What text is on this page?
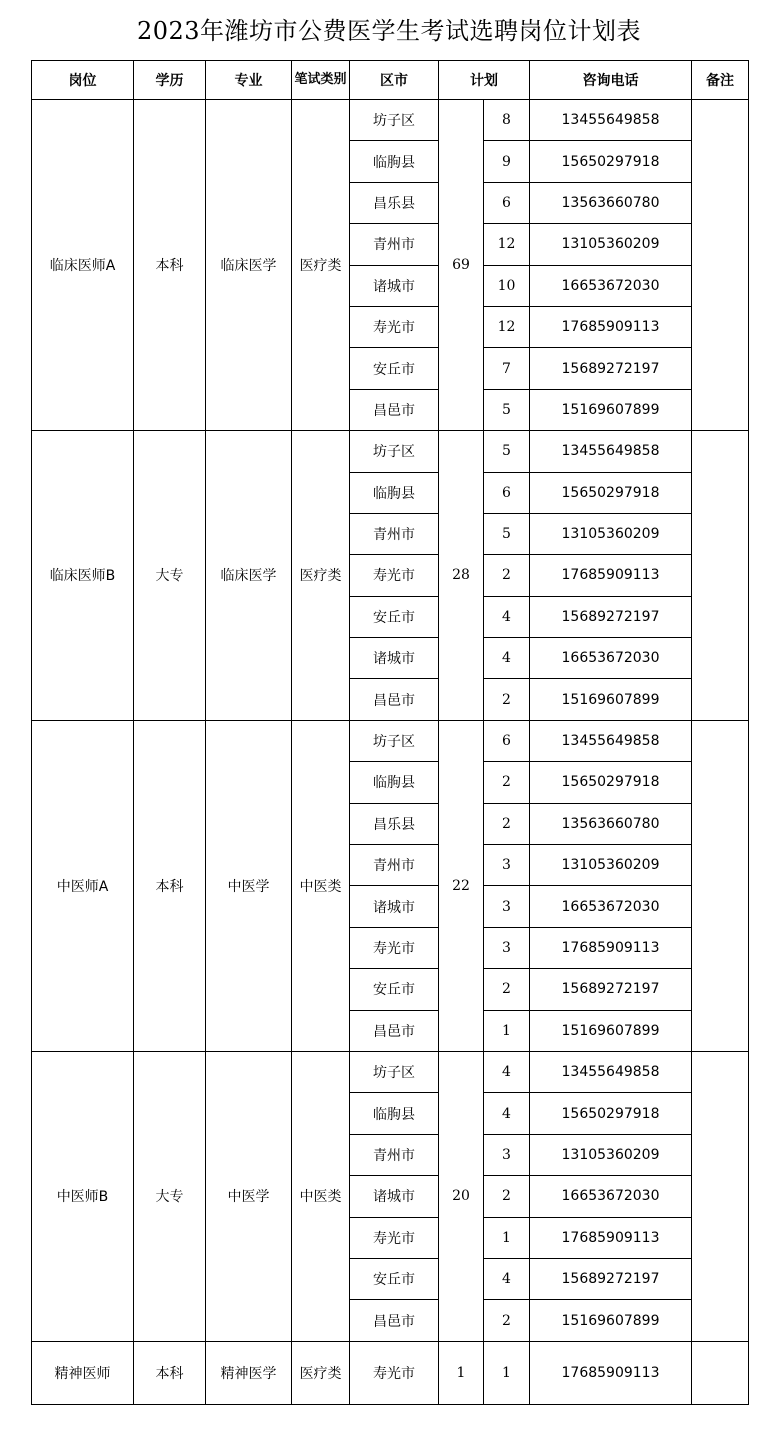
2023年潍坊市公费医学生考试选聘岗位计划表
岗位	学历	专业	笔试类别	区市	计划		咨询电话	备注
临床医师A	本科	临床医学	医疗类	坊子区	69	8	13455649858	
				临朐县		9	15650297918	
				昌乐县		6	13563660780	
				青州市		12	13105360209	
				诸城市		10	16653672030	
				寿光市		12	17685909113	
				安丘市		7	15689272197	
				昌邑市		5	15169607899	
临床医师B	大专	临床医学	医疗类	坊子区	28	5	13455649858	
				临朐县		6	15650297918	
				青州市		5	13105360209	
				寿光市		2	17685909113	
				安丘市		4	15689272197	
				诸城市		4	16653672030	
				昌邑市		2	15169607899	
中医师A	本科	中医学	中医类	坊子区	22	6	13455649858	
				临朐县		2	15650297918	
				昌乐县		2	13563660780	
				青州市		3	13105360209	
				诸城市		3	16653672030	
				寿光市		3	17685909113	
				安丘市		2	15689272197	
				昌邑市		1	15169607899	
中医师B	大专	中医学	中医类	坊子区	20	4	13455649858	
				临朐县		4	15650297918	
				青州市		3	13105360209	
				诸城市		2	16653672030	
				寿光市		1	17685909113	
				安丘市		4	15689272197	
				昌邑市		2	15169607899	
精神医师	本科	精神医学	医疗类	寿光市	1	1	17685909113	
